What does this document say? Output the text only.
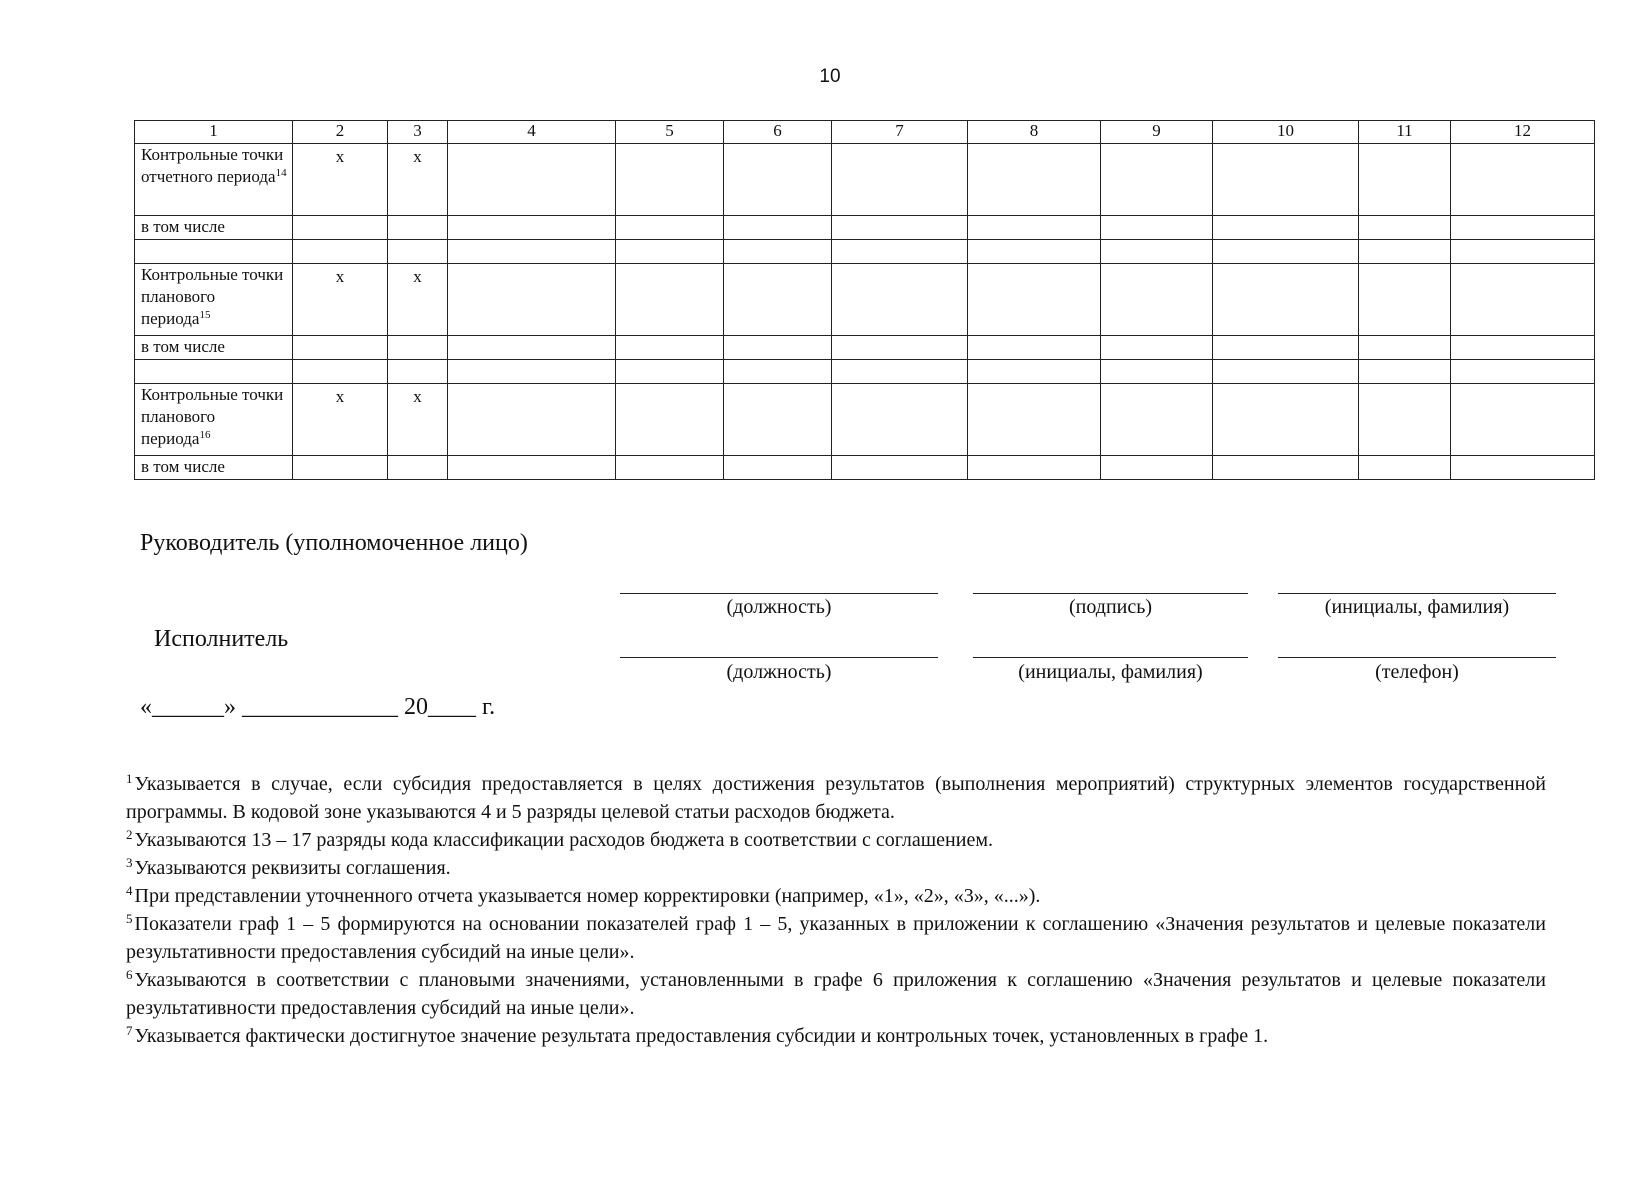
10
1	2	3	4	5	6	7	8	9	10	11	12
Контрольные точки отчетного периода$^{14}$	х	х									
в том числе											

Контрольные точки планового периода$^{15}$	х	х									
в том числе											

Контрольные точки планового периода$^{16}$	х	х									
в том числе											
Руководитель (уполномоченное лицо)
(должность)	(подпись)	(инициалы, фамилия)
Исполнитель
(должность)	(инициалы, фамилия)	(телефон)
«______» _____________ 20____ г.

$^1$ Указывается в случае, если субсидия предоставляется в целях достижения результатов (выполнения мероприятий) структурных элементов государственной программы. В кодовой зоне указываются 4 и 5 разряды целевой статьи расходов бюджета.

$^2$ Указываются 13 – 17 разряды кода классификации расходов бюджета в соответствии с соглашением.

$^3$ Указываются реквизиты соглашения.

$^4$ При представлении уточненного отчета указывается номер корректировки (например, «1», «2», «3», «...»).

$^5$ Показатели граф 1 – 5 формируются на основании показателей граф 1 – 5, указанных в приложении к соглашению «Значения результатов и целевые показатели результативности предоставления субсидий на иные цели».

$^6$ Указываются в соответствии с плановыми значениями, установленными в графе 6 приложения к соглашению «Значения результатов и целевые показатели результативности предоставления субсидий на иные цели».

$^7$ Указывается фактически достигнутое значение результата предоставления субсидии и контрольных точек, установленных в графе 1.
